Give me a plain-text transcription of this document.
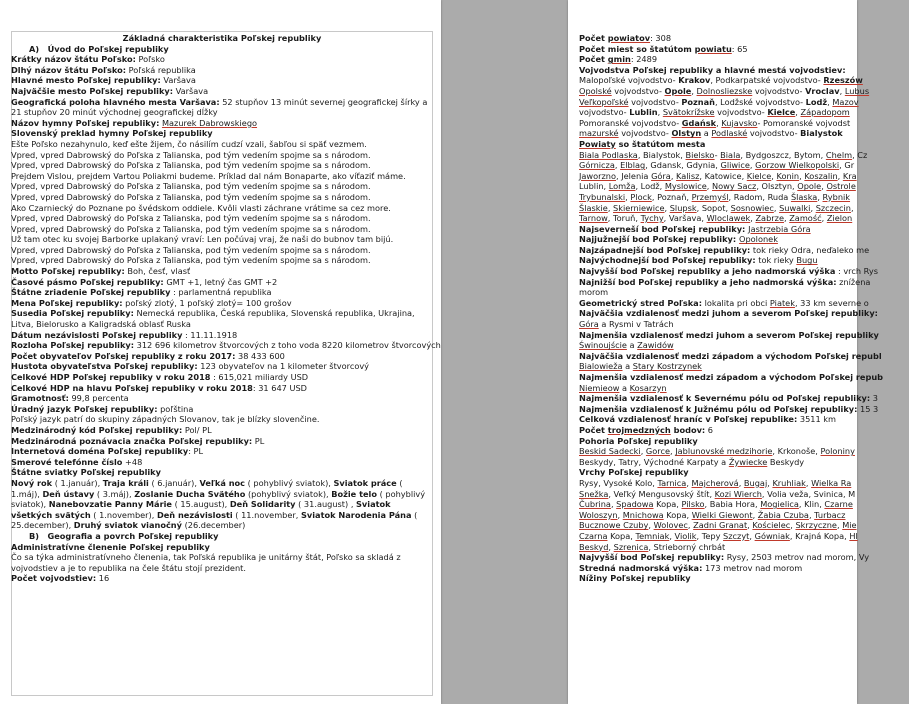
Základná charakteristika Poľskej republiky
A)   Úvod do Poľskej republiky
Krátky názov štátu Poľsko: Poľsko
Dlhý názov štátu Poľsko: Poľská republika
Hlavné mesto Poľskej republiky: Varšava
Najväčšie mesto Poľskej republiky: Varšava
Geografická poloha hlavného mesta Varšava: 52 stupňov 13 minút severnej geografickej šírky a 21 stupňov 20 minút východnej geografickej dĺžky
Názov hymny Poľskej republiky: Mazurek Dabrowskiego
Slovenský preklad hymny Poľskej republiky
Ešte Poľsko nezahynulo, keď ešte žijem, čo násilím cudzí vzali, šabľou si späť vezmem.
Vpred, vpred Dabrowský do Poľska z Talianska, pod tým vedením spojme sa s národom.
Vpred, vpred Dabrowský do Poľska z Talianska, pod tým vedením spojme sa s národom.
Prejdem Vislou, prejdem Vartou Poliakmi budeme. Príklad dal nám Bonaparte, ako víťaziť máme.
Vpred, vpred Dabrowský do Poľska z Talianska, pod tým vedením spojme sa s národom.
Vpred, vpred Dabrowský do Poľska z Talianska, pod tým vedením spojme sa s národom.
Ako Czarniecký do Poznane po švédskom oddiele. Kvôli vlasti záchrane vrátime sa cez more.
Vpred, vpred Dabrowský do Poľska z Talianska, pod tým vedením spojme sa s národom.
Vpred, vpred Dabrowský do Poľska z Talianska, pod tým vedením spojme sa s národom.
Už tam otec ku svojej Barborke uplakaný vraví: Len počúvaj vraj, že naši do bubnov tam bijú.
Vpred, vpred Dabrowský do Poľska z Talianska, pod tým vedením spojme sa s národom.
Vpred, vpred Dabrowský do Poľska z Talianska, pod tým vedením spojme sa s národom.
Motto Poľskej republiky: Boh, česť, vlasť
Časové pásmo Poľskej republiky: GMT +1, letný čas GMT +2
Štátne zriadenie Poľskej republiky : parlamentná republika
Mena Poľskej republiky: poľský zlotý, 1 poľský zlotý= 100 grošov
Susedia Poľskej republiky: Nemecká republika, Česká republika, Slovenská republika, Ukrajina, Litva, Bielorusko a Kaligradská oblasť Ruska
Dátum nezávislosti Poľskej republiky : 11.11.1918
Rozloha Poľskej republiky: 312 696 kilometrov štvorcových z toho voda 8220 kilometrov štvorcových
Počet obyvateľov Poľskej republiky z roku 2017: 38 433 600
Hustota obyvateľstva Poľskej republiky: 123 obyvateľov na 1 kilometer štvorcový
Celkové HDP Poľskej republiky v roku 2018 : 615,021 miliardy USD
Celkové HDP na hlavu Poľskej republiky v roku 2018: 31 647 USD
Gramotnosť: 99,8 percenta
Úradný jazyk Poľskej republiky: poľština
Poľský jazyk patrí do skupiny západných Slovanov, tak je blízky slovenčine.
Medzinárodný kód Poľskej republiky: Pol/ PL
Medzinárodná poznávacia značka Poľskej republiky: PL
Internetová doména Poľskej republiky: PL
Smerové telefónne číslo +48
Štátne sviatky Poľskej republiky
Nový rok ( 1.január), Traja králi ( 6.január), Veľká noc ( pohyblivý sviatok), Sviatok práce ( 1.máj), Deň ústavy ( 3.máj), Zoslanie Ducha Svätého (pohyblivý sviatok), Božie telo ( pohyblivý sviatok), Nanebovzatie Panny Márie ( 15.august), Deň Solidarity ( 31.august) , Sviatok všetkých svätých ( 1.november), Deň nezávislosti ( 11.november, Sviatok Narodenia Pána ( 25.december), Druhý sviatok vianočný (26.december)
B)   Geografia a povrch Poľskej republiky
Administratívne členenie Poľskej republiky
Čo sa týka administratívneho členenia, tak Poľská republika je unitárny štát, Poľsko sa skladá z vojvodstiev a je to republika na čele štátu stojí prezident.
Počet vojvodstiev: 16
Počet powiatov: 308
Počet miest so štatútom powiatu: 65
Počet gmin: 2489
Vojvodstva Poľskej republiky a hlavné mestá vojvodstiev:
Malopoľské vojvodstvo- Krakov, Podkarpatské vojvodstvo- Rzeszów
Opolské vojvodstvo- Opole, Dolnosliezske vojvodstvo- Vroclav, Lubus
Veľkopoľské vojvodstvo- Poznaň, Lodžské vojvodstvo- Lodž, Mazov
vojvodstvo- Lublin, Svätokrížske vojvodstvo- Kielce, Západopom
Pomoranské vojvodstvo- Gdańsk, Kujavsko- Pomoranské vojvodst
mazurské vojvodstvo- Olstyn a Podlaské vojvodstvo- Bialystok
Powiaty so štatútom mesta
Biala Podlaska, Bialystok, Bielsko- Biala, Bydgoszcz, Bytom, Chelm, Cz
Górnicza, Elblag, Gdansk, Gdynia, Gliwice, Gorzow Wielkopolski, Gr
Jaworzno, Jelenia Góra, Kalisz, Katowice, Kielce, Konin, Koszalin, Kra
Lublin, Lomža, Lodž, Myslowice, Nowy Sacz, Olsztyn, Opole, Ostrole
Trybunalski, Plock, Poznaň, Przemyśl, Radom, Ruda Šlaska, Rybnik
Šlaskie, Skierniewice, Slupsk, Sopot, Sosnowiec, Suwalki, Szczecin,
Tarnow, Toruň, Tychy, Varšava, Wloclawek, Zabrze, Zamość, Zielon
Najseverneší bod Poľskej republiky: Jastrzebia Góra
Najjužnejší bod Poľskej republiky: Opolonek
Najzápadnejší bod Poľskej republiky: tok rieky Odra, neďaleko me
Najvýchodnejší bod Poľskej republiky: tok rieky Bugu
Najvyšší bod Poľskej republiky a jeho nadmorská výška : vrch Rys
Najnižší bod Poľskej republiky a jeho nadmorská výška: znížena
morom
Geometrický stred Poľska: lokalita pri obci Piatek, 33 km severne o
Najväčšia vzdialenosť medzi juhom a severom Poľskej republiky:
Góra a Rysmi v Tatrách
Najmenšia vzdialenosť medzi juhom a severom Poľskej republiky
Świnoujście a Zawidów
Najväčšia vzdialenosť medzi západom a východom Poľskej republ
Bialowieža a Stary Kostrzynek
Najmenšia vzdialenosť medzi západom a východom Poľskej repub
Niemieow a Kosarzyn
Najmenšia vzdialenosť k Severnému pólu od Poľskej republiky: 3
Najmenšia vzdialenosť k Južnému pólu od Poľskej republiky: 15 3
Celková vzdialenosť hraníc v Poľskej republike: 3511 km
Počet trojmedzných bodov: 6
Pohoria Poľskej republiky
Beskid Sadecki, Gorce, Jablunovské medzihorie, Krkonoše, Poloniny
Beskydy, Tatry, Východné Karpaty a Žywiecke Beskydy
Vrchy Poľskej republiky
Rysy, Vysoké Kolo, Tarnica, Majcherová, Bugaj, Kruhliak, Wielka Ra
Snežka, Veľký Mengusovský štít, Kozi Wierch, Volia veža, Svinica, M
Čubrina, Spadowa Kopa, Pilsko, Babia Hora, Mogielica, Klin, Czarne
Woloszyn, Mnichowa Kopa, Wielki Giewont, Žabia Czuba, Turbacz
Bucznowe Czuby, Wolovec, Zadni Granat, Kościelec, Skrzyczne, Mie
Czarna Kopa, Temniak, Violik, Tepy Szczyt, Gówniak, Krajná Kopa, Hl
Beskyd, Szrenica, Strieborný chrbát
Najvyšší bod Poľskej republiky: Rysy, 2503 metrov nad morom, Vy
Stredná nadmorská výška: 173 metrov nad morom
Nížiny Poľskej republiky
